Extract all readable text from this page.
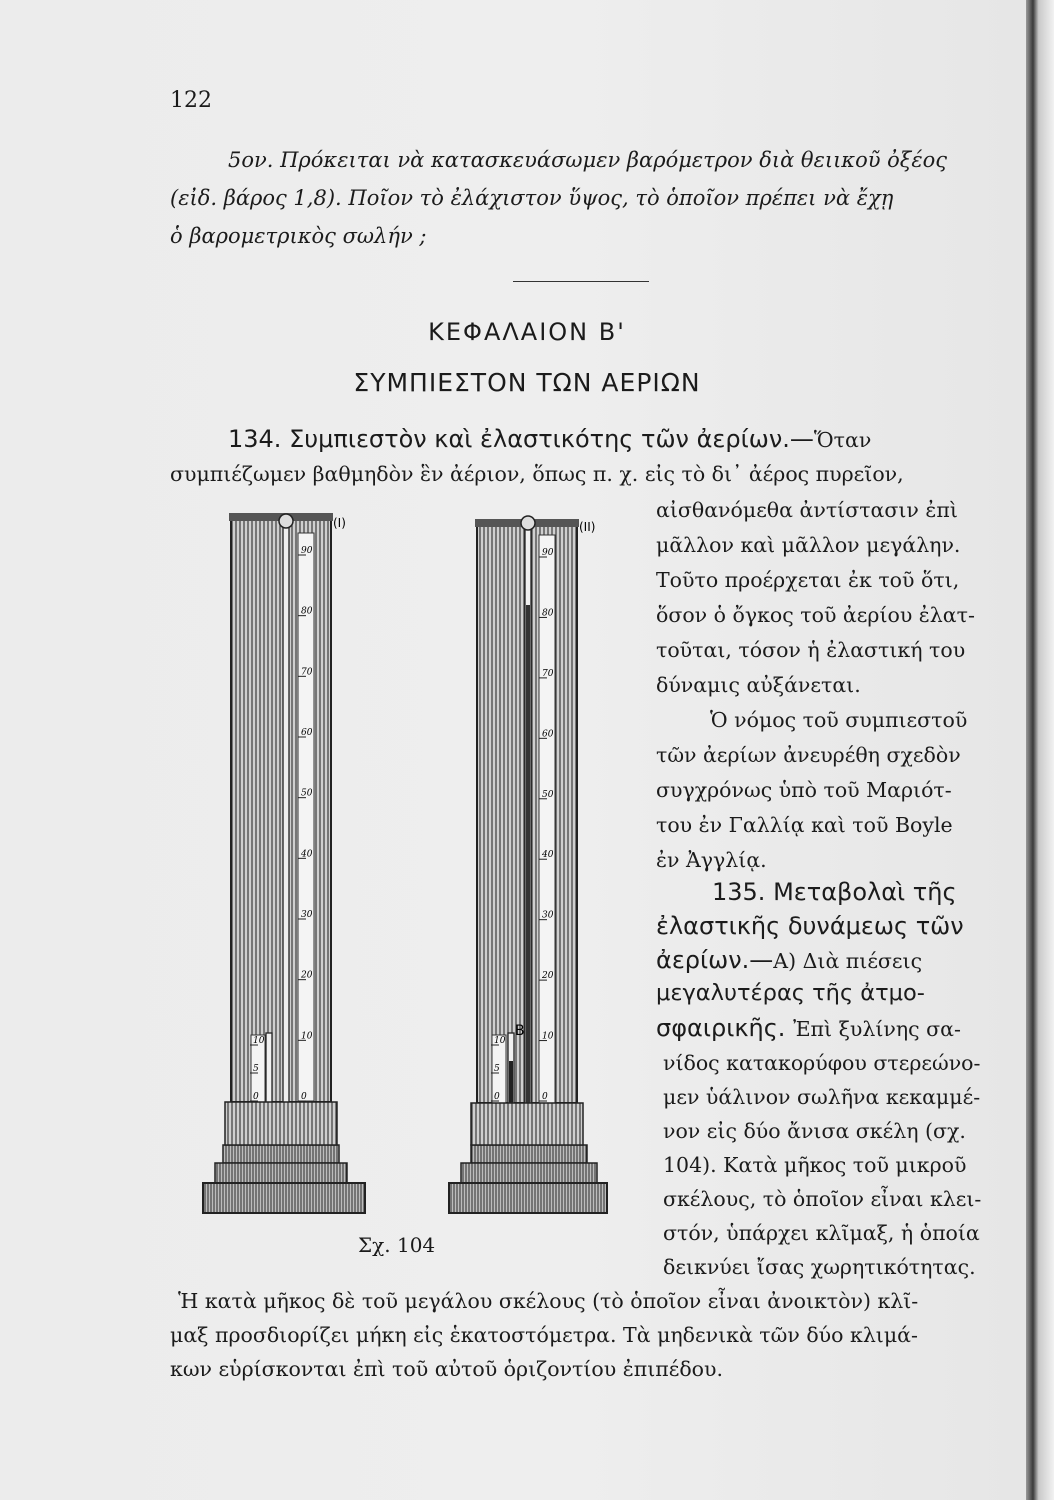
122

5ον. Πρόκειται νὰ κατασκευάσωμεν βαρόμετρον διὰ θειικοῦ ὀξέος

(εἰδ. βάρος 1,8). Ποῖον τὸ ἐλάχιστον ὕψος, τὸ ὁποῖον πρέπει νὰ ἔχῃ

ὁ βαρομετρικὸς σωλήν ;

ΚΕΦΑΛΑΙΟΝ Β'

ΣΥΜΠΙΕΣΤΟΝ ΤΩΝ ΑΕΡΙΩΝ

134. Συμπιεστὸν καὶ ἐλαστικότης τῶν ἀερίων.—Ὅταν

συμπιέζωμεν βαθμηδὸν ἓν ἀέριον, ὅπως π. χ. εἰς τὸ δι᾿ ἀέρος πυρεῖον,

αἰσθανόμεθα ἀντίστασιν ἐπὶ

μᾶλλον καὶ μᾶλλον μεγάλην.

Τοῦτο προέρχεται ἐκ τοῦ ὅτι,

ὅσον ὁ ὄγκος τοῦ ἀερίου ἐλατ-

τοῦται, τόσον ἡ ἐλαστική του

δύναμις αὐξάνεται.

Ὁ νόμος τοῦ συμπιεστοῦ

τῶν ἀερίων ἀνευρέθη σχεδὸν

συγχρόνως ὑπὸ τοῦ Μαριότ-

του ἐν Γαλλίᾳ καὶ τοῦ Boyle

ἐν Ἀγγλίᾳ.

135. Μεταβολαὶ τῆς

ἐλαστικῆς δυνάμεως τῶν

ἀερίων.—Α) Διὰ πιέσεις

μεγαλυτέρας τῆς ἀτμο-

σφαιρικῆς. Ἐπὶ ξυλίνης σα-

νίδος κατακορύφου στερεώνο-

μεν ὑάλινον σωλῆνα κεκαμμέ-

νον εἰς δύο ἄνισα σκέλη (σχ.

104). Κατὰ μῆκος τοῦ μικροῦ

σκέλους, τὸ ὁποῖον εἶναι κλει-

στόν, ὑπάρχει κλῖμαξ, ἡ ὁποία

δεικνύει ἴσας χωρητικότητας.

Σχ. 104

Ἡ κατὰ μῆκος δὲ τοῦ μεγάλου σκέλους (τὸ ὁποῖον εἶναι ἀνοικτὸν) κλῖ-

μαξ προσδιορίζει μήκη εἰς ἑκατοστόμετρα. Τὰ μηδενικὰ τῶν δύο κλιμά-

κων εὑρίσκονται ἐπὶ τοῦ αὐτοῦ ὁριζοντίου ἐπιπέδου.

(Ι)	(ΙΙ)
B
90
80
70
60
50
40
30
20
10
0
90
80
70
60
50
40
30
20
10
0
10
5
0
10
5
0
